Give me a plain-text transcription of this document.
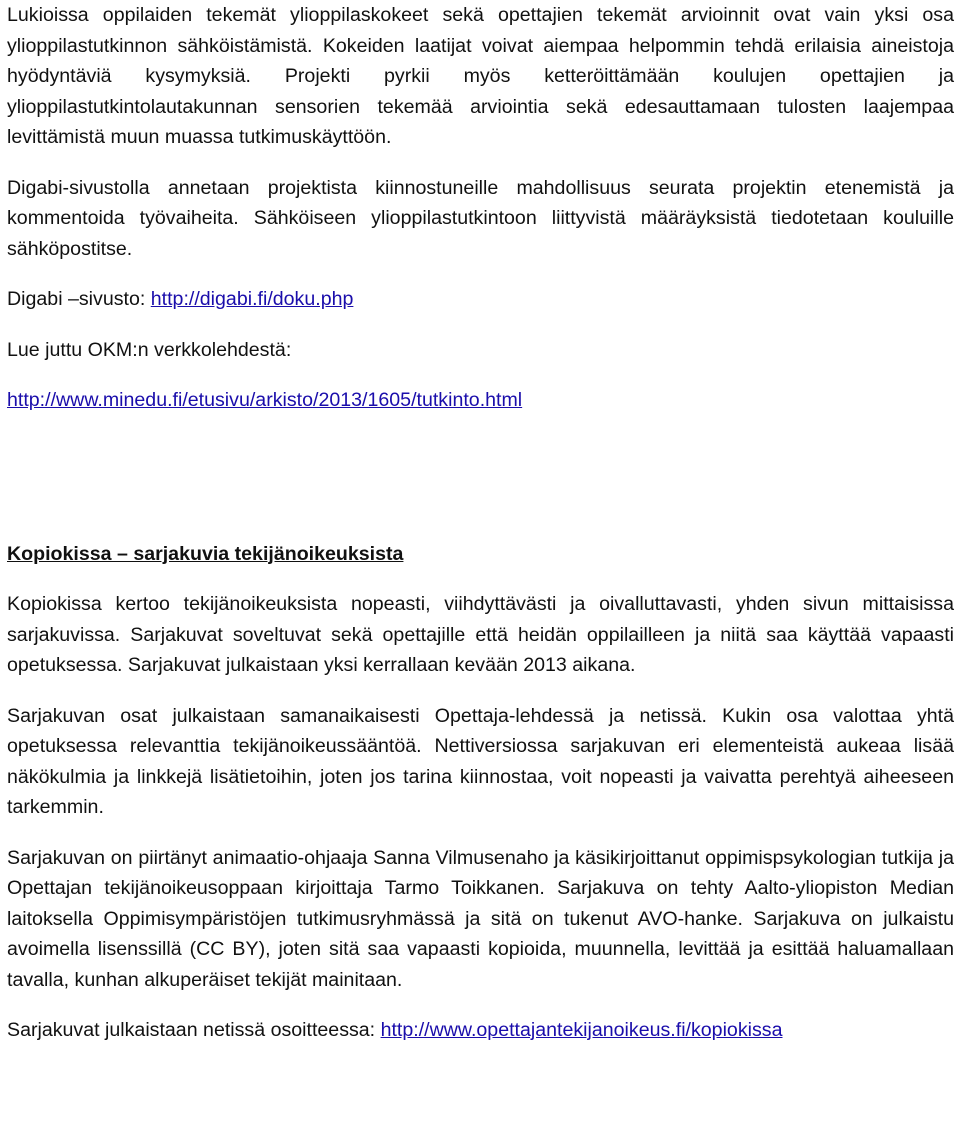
Lukioissa oppilaiden tekemät ylioppilaskokeet sekä opettajien tekemät arvioinnit ovat vain yksi osa ylioppilastutkinnon sähköistämistä. Kokeiden laatijat voivat aiempaa helpommin tehdä erilaisia aineistoja hyödyntäviä kysymyksiä. Projekti pyrkii myös ketteröittämään koulujen opettajien ja ylioppilastutkintolautakunnan sensorien tekemää arviointia sekä edesauttamaan tulosten laajempaa levittämistä muun muassa tutkimuskäyttöön.

Digabi-sivustolla annetaan projektista kiinnostuneille mahdollisuus seurata projektin etenemistä ja kommentoida työvaiheita. Sähköiseen ylioppilastutkintoon liittyvistä määräyksistä tiedotetaan kouluille sähköpostitse.

Digabi –sivusto: http://digabi.fi/doku.php

Lue juttu OKM:n verkkolehdestä:

http://www.minedu.fi/etusivu/arkisto/2013/1605/tutkinto.html

Kopiokissa – sarjakuvia tekijänoikeuksista

Kopiokissa kertoo tekijänoikeuksista nopeasti, viihdyttävästi ja oivalluttavasti, yhden sivun mittaisissa sarjakuvissa. Sarjakuvat soveltuvat sekä opettajille että heidän oppilailleen ja niitä saa käyttää vapaasti opetuksessa. Sarjakuvat julkaistaan yksi kerrallaan kevään 2013 aikana.

Sarjakuvan osat julkaistaan samanaikaisesti Opettaja-lehdessä ja netissä. Kukin osa valottaa yhtä opetuksessa relevanttia tekijänoikeussääntöä. Nettiversiossa sarjakuvan eri elementeistä aukeaa lisää näkökulmia ja linkkejä lisätietoihin, joten jos tarina kiinnostaa, voit nopeasti ja vaivatta perehtyä aiheeseen tarkemmin.

Sarjakuvan on piirtänyt animaatio-ohjaaja Sanna Vilmusenaho ja käsikirjoittanut oppimispsykologian tutkija ja Opettajan tekijänoikeusoppaan kirjoittaja Tarmo Toikkanen. Sarjakuva on tehty Aalto-yliopiston Median laitoksella Oppimisympäristöjen tutkimusryhmässä ja sitä on tukenut AVO-hanke. Sarjakuva on julkaistu avoimella lisenssillä (CC BY), joten sitä saa vapaasti kopioida, muunnella, levittää ja esittää haluamallaan tavalla, kunhan alkuperäiset tekijät mainitaan.

Sarjakuvat julkaistaan netissä osoitteessa: http://www.opettajantekijanoikeus.fi/kopiokissa
